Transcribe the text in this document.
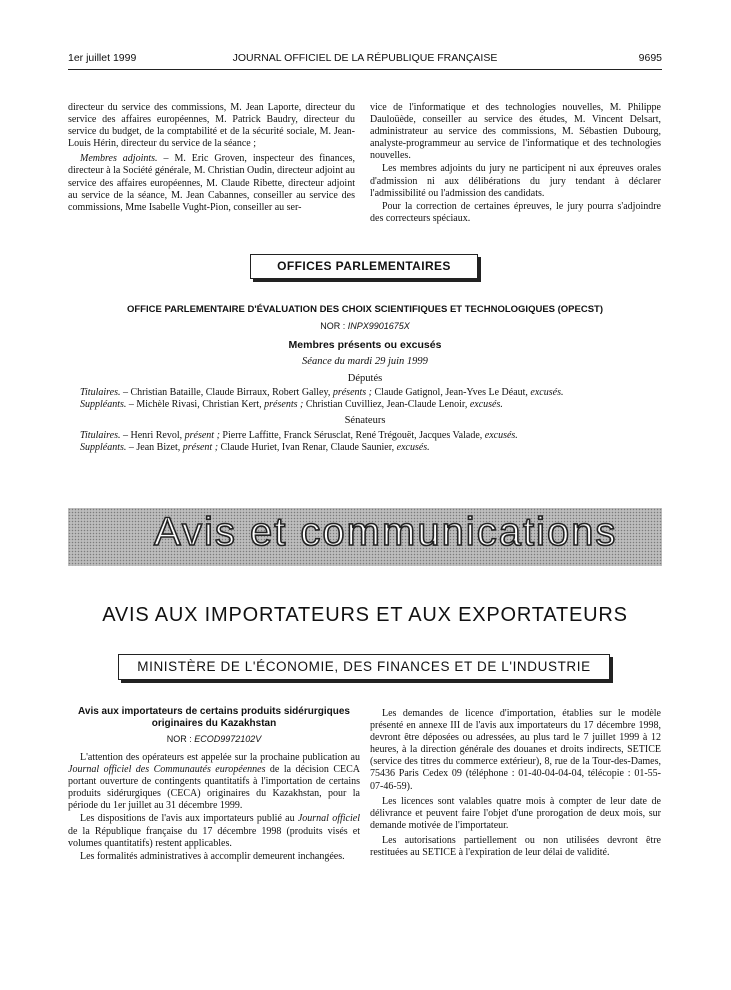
1er juillet 1999	JOURNAL OFFICIEL DE LA RÉPUBLIQUE FRANÇAISE	9695

directeur du service des commissions, M. Jean Laporte, directeur du service des affaires européennes, M. Patrick Baudry, directeur du service du budget, de la comptabilité et de la sécurité sociale, M. Jean-Louis Hérin, directeur du service de la séance ;

Membres adjoints. – M. Eric Groven, inspecteur des finances, directeur à la Société générale, M. Christian Oudin, directeur adjoint au service des affaires européennes, M. Claude Ribette, directeur adjoint au service de la séance, M. Jean Cabannes, conseiller au service des commissions, Mme Isabelle Vught-Pion, conseiller au ser-

vice de l'informatique et des technologies nouvelles, M. Philippe Dauloüède, conseiller au service des études, M. Vincent Delsart, administrateur au service des commissions, M. Sébastien Dubourg, analyste-programmeur au service de l'informatique et des technologies nouvelles.

Les membres adjoints du jury ne participent ni aux épreuves orales d'admission ni aux délibérations du jury tendant à déclarer l'admissibilité ou l'admission des candidats.

Pour la correction de certaines épreuves, le jury pourra s'adjoindre des correcteurs spéciaux.

OFFICES PARLEMENTAIRES
OFFICE PARLEMENTAIRE D'ÉVALUATION DES CHOIX SCIENTIFIQUES ET TECHNOLOGIQUES (OPECST)
NOR : INPX9901675X
Membres présents ou excusés
Séance du mardi 29 juin 1999
Députés
Titulaires. – Christian Bataille, Claude Birraux, Robert Galley, présents ; Claude Gatignol, Jean-Yves Le Déaut, excusés.
Suppléants. – Michèle Rivasi, Christian Kert, présents ; Christian Cuvilliez, Jean-Claude Lenoir, excusés.
Sénateurs
Titulaires. – Henri Revol, présent ; Pierre Laffitte, Franck Sérusclat, René Trégouët, Jacques Valade, excusés.
Suppléants. – Jean Bizet, présent ; Claude Huriet, Ivan Renar, Claude Saunier, excusés.
Avis et communications
AVIS AUX IMPORTATEURS ET AUX EXPORTATEURS
MINISTÈRE DE L'ÉCONOMIE, DES FINANCES ET DE L'INDUSTRIE
Avis aux importateurs de certains produits sidérurgiques originaires du Kazakhstan
NOR : ECOD9972102V

L'attention des opérateurs est appelée sur la prochaine publication au Journal officiel des Communautés européennes de la décision CECA portant ouverture de contingents quantitatifs à l'importation de certains produits sidérurgiques (CECA) originaires du Kazakhstan, pour la période du 1er juillet au 31 décembre 1999.

Les dispositions de l'avis aux importateurs publié au Journal officiel de la République française du 17 décembre 1998 (produits visés et volumes quantitatifs) restent applicables.

Les formalités administratives à accomplir demeurent inchangées.

Les demandes de licence d'importation, établies sur le modèle présenté en annexe III de l'avis aux importateurs du 17 décembre 1998, devront être déposées ou adressées, au plus tard le 7 juillet 1999 à 12 heures, à la direction générale des douanes et droits indirects, SETICE (service des titres du commerce extérieur), 8, rue de la Tour-des-Dames, 75436 Paris Cedex 09 (téléphone : 01-40-04-04-04, télécopie : 01-55-07-46-59).

Les licences sont valables quatre mois à compter de leur date de délivrance et peuvent faire l'objet d'une prorogation de deux mois, sur demande motivée de l'importateur.

Les autorisations partiellement ou non utilisées devront être restituées au SETICE à l'expiration de leur délai de validité.
